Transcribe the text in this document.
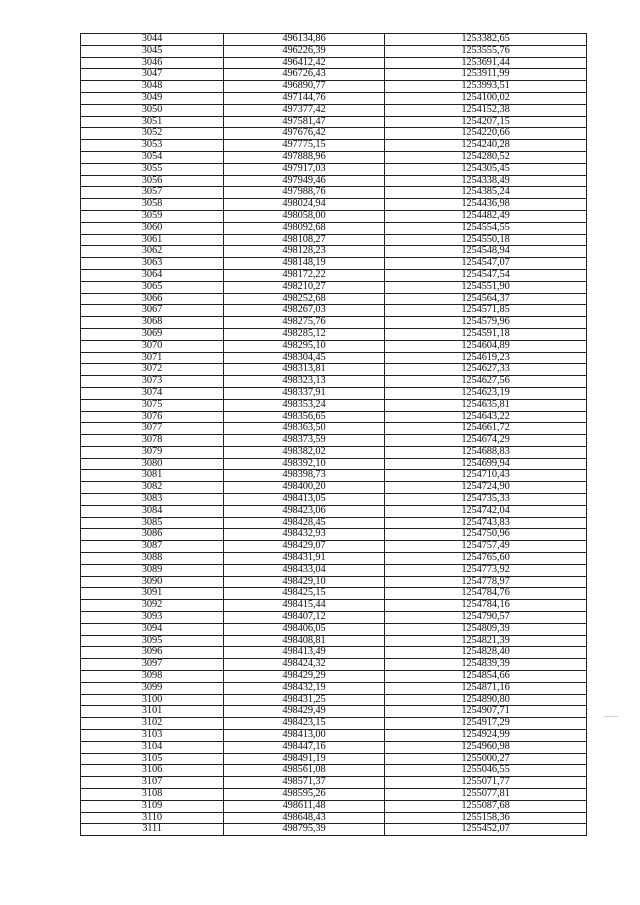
3044	496134,86	1253382,65
3045	496226,39	1253555,76
3046	496412,42	1253691,44
3047	496726,43	1253911,99
3048	496890,77	1253993,51
3049	497144,76	1254100,02
3050	497377,42	1254152,38
3051	497581,47	1254207,15
3052	497676,42	1254220,66
3053	497775,15	1254240,28
3054	497888,96	1254280,52
3055	497917,03	1254305,45
3056	497949,46	1254338,49
3057	497988,76	1254385,24
3058	498024,94	1254436,98
3059	498058,00	1254482,49
3060	498092,68	1254554,55
3061	498108,27	1254550,18
3062	498128,23	1254548,94
3063	498148,19	1254547,07
3064	498172,22	1254547,54
3065	498210,27	1254551,90
3066	498252,68	1254564,37
3067	498267,03	1254571,85
3068	498275,76	1254579,96
3069	498285,12	1254591,18
3070	498295,10	1254604,89
3071	498304,45	1254619,23
3072	498313,81	1254627,33
3073	498323,13	1254627,56
3074	498337,91	1254623,19
3075	498353,24	1254635,81
3076	498356,65	1254643,22
3077	498363,50	1254661,72
3078	498373,59	1254674,29
3079	498382,02	1254688,83
3080	498392,10	1254699,94
3081	498398,73	1254710,43
3082	498400,20	1254724,90
3083	498413,05	1254735,33
3084	498423,06	1254742,04
3085	498428,45	1254743,83
3086	498432,93	1254750,96
3087	498429,07	1254757,49
3088	498431,91	1254765,60
3089	498433,04	1254773,92
3090	498429,10	1254778,97
3091	498425,15	1254784,76
3092	498415,44	1254784,16
3093	498407,12	1254790,57
3094	498406,05	1254809,39
3095	498408,81	1254821,39
3096	498413,49	1254828,40
3097	498424,32	1254839,39
3098	498429,29	1254854,66
3099	498432,19	1254871,16
3100	498431,25	1254890,80
3101	498429,49	1254907,71
3102	498423,15	1254917,29
3103	498413,00	1254924,99
3104	498447,16	1254960,98
3105	498491,19	1255000,27
3106	498561,08	1255046,55
3107	498571,37	1255071,77
3108	498595,26	1255077,81
3109	498611,48	1255087,68
3110	498648,43	1255158,36
3111	498795,39	1255452,07
